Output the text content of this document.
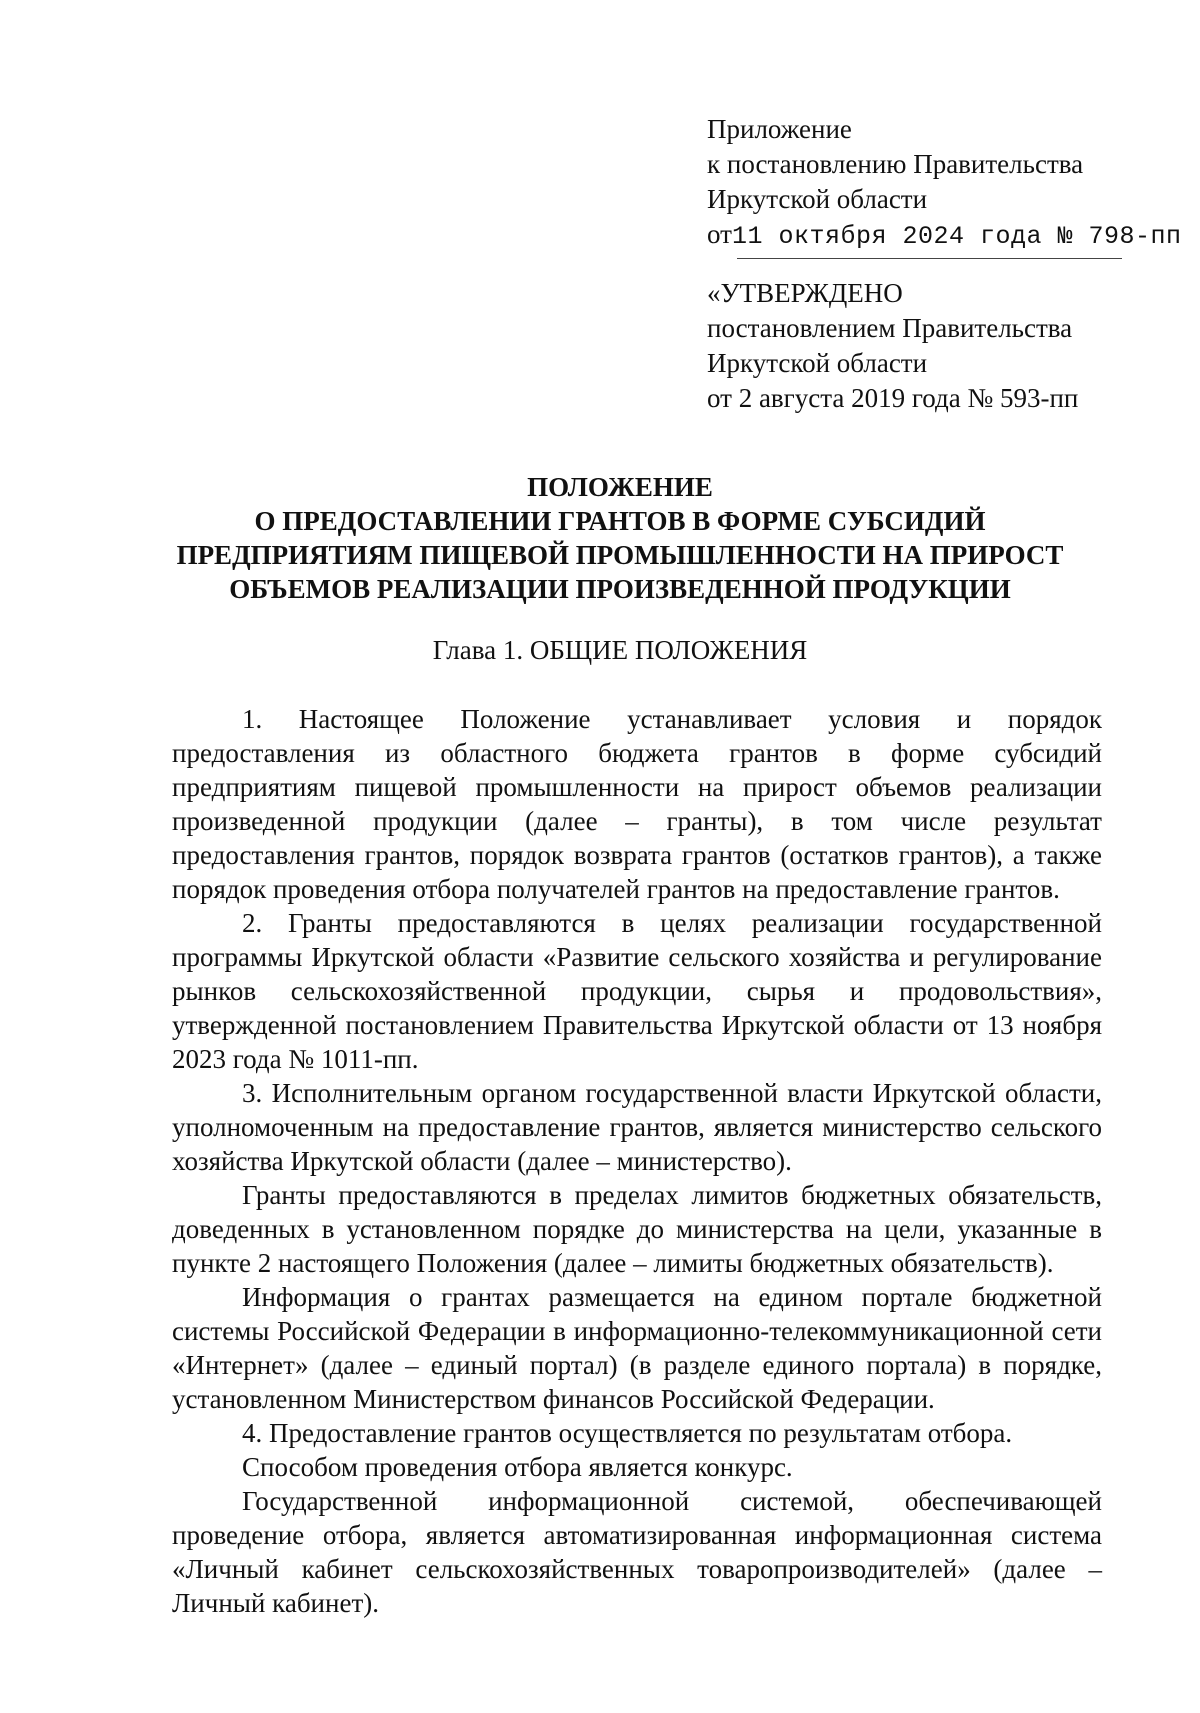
Приложение
к постановлению Правительства
Иркутской области
от11 октября 2024 года № 798-пп
«УТВЕРЖДЕНО
постановлением Правительства
Иркутской области
от 2 августа 2019 года № 593-пп
ПОЛОЖЕНИЕ
О ПРЕДОСТАВЛЕНИИ ГРАНТОВ В ФОРМЕ СУБСИДИЙ
ПРЕДПРИЯТИЯМ ПИЩЕВОЙ ПРОМЫШЛЕННОСТИ НА ПРИРОСТ
ОБЪЕМОВ РЕАЛИЗАЦИИ ПРОИЗВЕДЕННОЙ ПРОДУКЦИИ
Глава 1. ОБЩИЕ ПОЛОЖЕНИЯ

1. Настоящее Положение устанавливает условия и порядок предоставления из областного бюджета грантов в форме субсидий предприятиям пищевой промышленности на прирост объемов реализации произведенной продукции (далее – гранты), в том числе результат предоставления грантов, порядок возврата грантов (остатков грантов), а также порядок проведения отбора получателей грантов на предоставление грантов.

2. Гранты предоставляются в целях реализации государственной программы Иркутской области «Развитие сельского хозяйства и регулирование рынков сельскохозяйственной продукции, сырья и продовольствия», утвержденной постановлением Правительства Иркутской области от 13 ноября 2023 года № 1011-пп.

3. Исполнительным органом государственной власти Иркутской области, уполномоченным на предоставление грантов, является министерство сельского хозяйства Иркутской области (далее – министерство).

Гранты предоставляются в пределах лимитов бюджетных обязательств, доведенных в установленном порядке до министерства на цели, указанные в пункте 2 настоящего Положения (далее – лимиты бюджетных обязательств).

Информация о грантах размещается на едином портале бюджетной системы Российской Федерации в информационно-телекоммуникационной сети «Интернет» (далее – единый портал) (в разделе единого портала) в порядке, установленном Министерством финансов Российской Федерации.

4. Предоставление грантов осуществляется по результатам отбора.

Способом проведения отбора является конкурс.

Государственной информационной системой, обеспечивающей проведение отбора, является автоматизированная информационная система «Личный кабинет сельскохозяйственных товаропроизводителей» (далее – Личный кабинет).
